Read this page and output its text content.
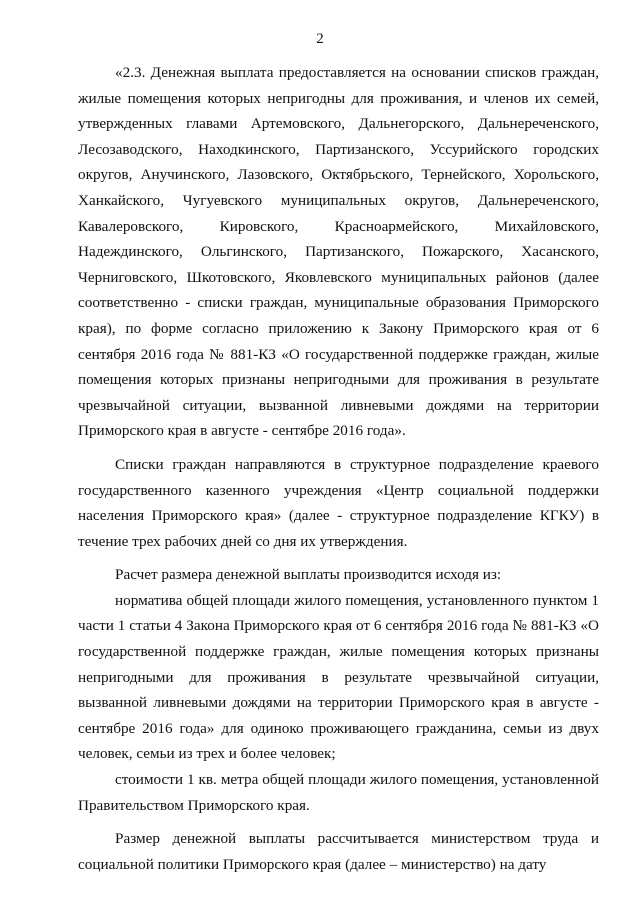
2

«2.3. Денежная выплата предоставляется на основании списков граждан, жилые помещения которых непригодны для проживания, и членов их семей, утвержденных главами Артемовского, Дальнегорского, Дальнереченского, Лесозаводского, Находкинского, Партизанского, Уссурийского городских округов, Анучинского, Лазовского, Октябрьского, Тернейского, Хорольского, Ханкайского, Чугуевского муниципальных округов, Дальнереченского, Кавалеровского, Кировского, Красноармейского, Михайловского, Надеждинского, Ольгинского, Партизанского, Пожарского, Хасанского, Черниговского, Шкотовского, Яковлевского муниципальных районов (далее соответственно - списки граждан, муниципальные образования Приморского края), по форме согласно приложению к Закону Приморского края от 6 сентября 2016 года № 881-КЗ «О государственной поддержке граждан, жилые помещения которых признаны непригодными для проживания в результате чрезвычайной ситуации, вызванной ливневыми дождями на территории Приморского края в августе - сентябре 2016 года».

Списки граждан направляются в структурное подразделение краевого государственного казенного учреждения «Центр социальной поддержки населения Приморского края» (далее - структурное подразделение КГКУ) в течение трех рабочих дней со дня их утверждения.

Расчет размера денежной выплаты производится исходя из:

норматива общей площади жилого помещения, установленного пунктом 1 части 1 статьи 4 Закона Приморского края от 6 сентября 2016 года № 881-КЗ «О государственной поддержке граждан, жилые помещения которых признаны непригодными для проживания в результате чрезвычайной ситуации, вызванной ливневыми дождями на территории Приморского края в августе - сентябре 2016 года» для одиноко проживающего гражданина, семьи из двух человек, семьи из трех и более человек;

стоимости 1 кв. метра общей площади жилого помещения, установленной Правительством Приморского края.

Размер денежной выплаты рассчитывается министерством труда и социальной политики Приморского края (далее – министерство) на дату
